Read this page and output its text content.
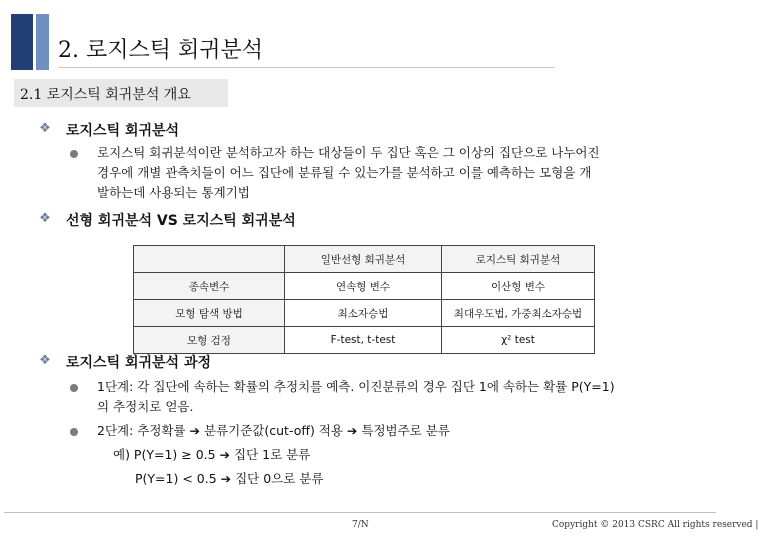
2. 로지스틱 회귀분석
2.1 로지스틱 회귀분석 개요
❖ 로지스틱 회귀분석
로지스틱 회귀분석이란 분석하고자 하는 대상들이 두 집단 혹은 그 이상의 집단으로 나누어진
경우에 개별 관측치들이 어느 집단에 분류될 수 있는가를 분석하고 이를 예측하는 모형을 개
발하는데 사용되는 통계기법
❖ 선형 회귀분석 VS 로지스틱 회귀분석
	일반선형 회귀분석	로지스틱 회귀분석
종속변수	연속형 변수	이산형 변수
모형 탐색 방법	최소자승법	최대우도법, 가중최소자승법
모형 검정	F-test, t-test	χ² test
❖ 로지스틱 회귀분석 과정
1단계: 각 집단에 속하는 확률의 추정치를 예측. 이진분류의 경우 집단 1에 속하는 확률 P(Y=1)
의 추정치로 얻음.
2단계: 추정확률 ➔ 분류기준값(cut-off) 적용 ➔ 특정범주로 분류
예) P(Y=1) ≥ 0.5 ➔ 집단 1로 분류
P(Y=1) < 0.5 ➔ 집단 0으로 분류
7/N	Copyright © 2013 CSRC All rights reserved |
